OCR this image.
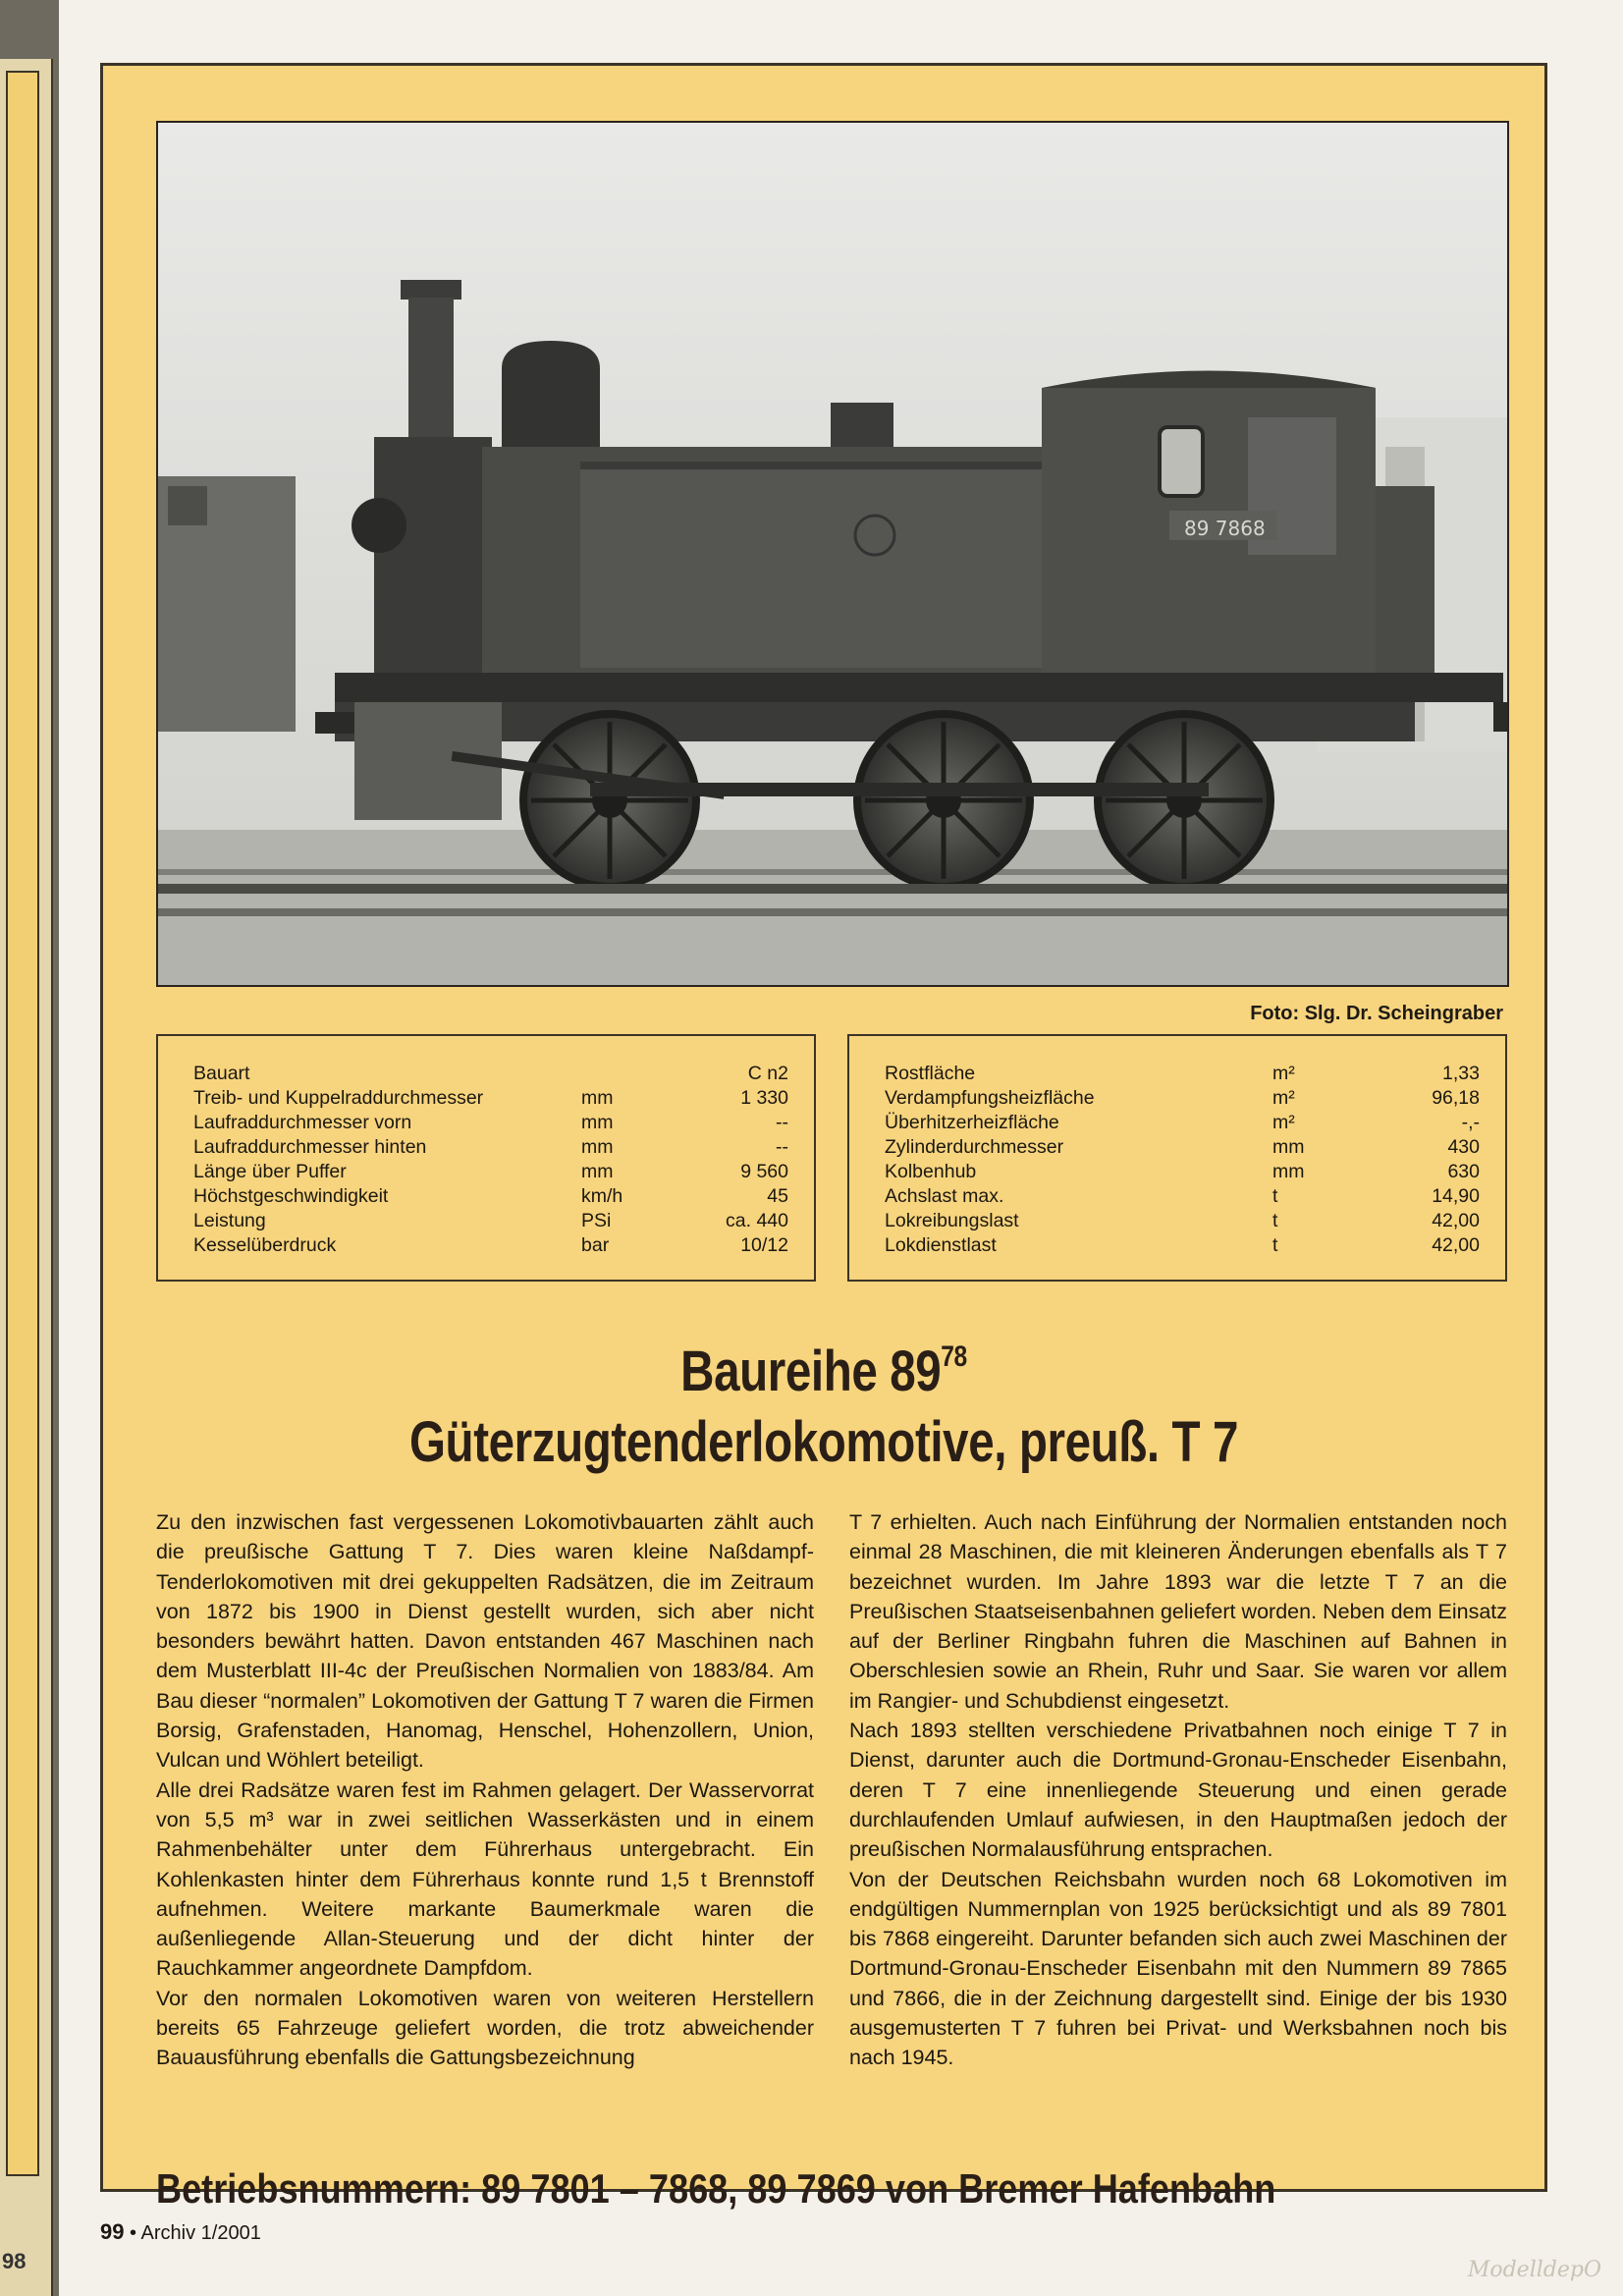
98
89 7868
Foto: Slg. Dr. Scheingraber
Bauart		C n2
Treib- und Kuppelraddurchmesser	mm	1 330
Laufraddurchmesser vorn	mm	--
Laufraddurchmesser hinten	mm	--
Länge über Puffer	mm	9 560
Höchstgeschwindigkeit	km/h	45
Leistung	PSi	ca. 440
Kesselüberdruck	bar	10/12
Rostfläche	m²	1,33
Verdampfungsheizfläche	m²	96,18
Überhitzerheizfläche	m²	-,-
Zylinderdurchmesser	mm	430
Kolbenhub	mm	630
Achslast max.	t	14,90
Lokreibungslast	t	42,00
Lokdienstlast	t	42,00
Baureihe $89^{78}$
Güterzugtenderlokomotive, preuß. T 7

Zu den inzwischen fast vergessenen Lokomotivbauarten zählt auch die preußische Gattung T 7. Dies waren kleine Naßdampf-Tenderlokomotiven mit drei gekuppelten Radsätzen, die im Zeitraum von 1872 bis 1900 in Dienst gestellt wurden, sich aber nicht besonders bewährt hatten. Davon entstanden 467 Maschinen nach dem Musterblatt III-4c der Preußischen Normalien von 1883/84. Am Bau dieser “normalen” Lokomotiven der Gattung T 7 waren die Firmen Borsig, Grafenstaden, Hanomag, Henschel, Hohenzollern, Union, Vulcan und Wöhlert beteiligt.

Alle drei Radsätze waren fest im Rahmen gelagert. Der Wasservorrat von 5,5 m³ war in zwei seitlichen Wasserkästen und in einem Rahmenbehälter unter dem Führerhaus untergebracht. Ein Kohlenkasten hinter dem Führerhaus konnte rund 1,5 t Brennstoff aufnehmen. Weitere markante Baumerkmale waren die außenliegende Allan-Steuerung und der dicht hinter der Rauchkammer angeordnete Dampfdom.

Vor den normalen Lokomotiven waren von weiteren Herstellern bereits 65 Fahrzeuge geliefert worden, die trotz abweichender Bauausführung ebenfalls die Gattungsbezeichnung

T 7 erhielten. Auch nach Einführung der Normalien entstanden noch einmal 28 Maschinen, die mit kleineren Änderungen ebenfalls als T 7 bezeichnet wurden. Im Jahre 1893 war die letzte T 7 an die Preußischen Staatseisenbahnen geliefert worden. Neben dem Einsatz auf der Berliner Ringbahn fuhren die Maschinen auf Bahnen in Oberschlesien sowie an Rhein, Ruhr und Saar. Sie waren vor allem im Rangier- und Schubdienst eingesetzt.

Nach 1893 stellten verschiedene Privatbahnen noch einige T 7 in Dienst, darunter auch die Dortmund-Gronau-Enscheder Eisenbahn, deren T 7 eine innenliegende Steuerung und einen gerade durchlaufenden Umlauf aufwiesen, in den Hauptmaßen jedoch der preußischen Normalausführung entsprachen.

Von der Deutschen Reichsbahn wurden noch 68 Lokomotiven im endgültigen Nummernplan von 1925 berücksichtigt und als 89 7801 bis 7868 eingereiht. Darunter befanden sich auch zwei Maschinen der Dortmund-Gronau-Enscheder Eisenbahn mit den Nummern 89 7865 und 7866, die in der Zeichnung dargestellt sind. Einige der bis 1930 ausgemusterten T 7 fuhren bei Privat- und Werksbahnen noch bis nach 1945.

Betriebsnummern: 89 7801 – 7868, 89 7869 von Bremer Hafenbahn
99 • Archiv 1/2001
ModelldepO
